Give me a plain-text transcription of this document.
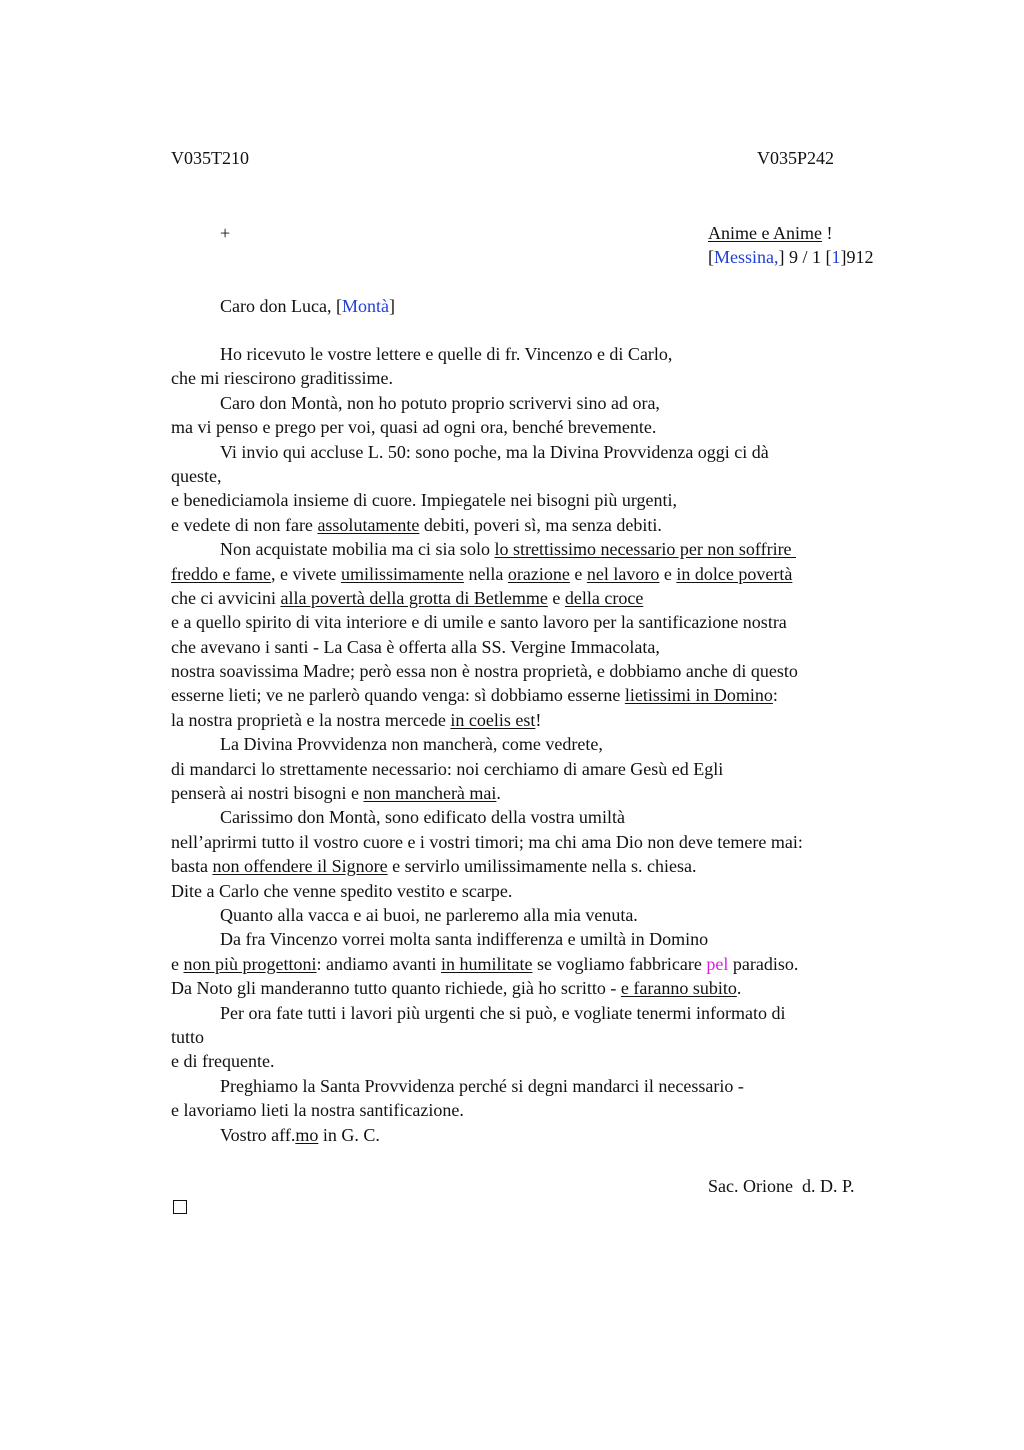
V035T210	V035P242
+	Anime e Anime !
[Messina,] 9 / 1 [1]912
Caro don Luca, [Montà]
Ho ricevuto le vostre lettere e quelle di fr. Vincenzo e di Carlo,
che mi riescirono graditissime.
Caro don Montà, non ho potuto proprio scrivervi sino ad ora,
ma vi penso e prego per voi, quasi ad ogni ora, benché brevemente.
Vi invio qui accluse L. 50: sono poche, ma la Divina Provvidenza oggi ci dà
queste,
e benediciamola insieme di cuore. Impiegatele nei bisogni più urgenti,
e vedete di non fare assolutamente debiti, poveri sì, ma senza debiti.
Non acquistate mobilia ma ci sia solo lo strettissimo necessario per non soffrire
freddo e fame, e vivete umilissimamente nella orazione e nel lavoro e in dolce povertà
che ci avvicini alla povertà della grotta di Betlemme e della croce
e a quello spirito di vita interiore e di umile e santo lavoro per la santificazione nostra
che avevano i santi - La Casa è offerta alla SS. Vergine Immacolata,
nostra soavissima Madre; però essa non è nostra proprietà, e dobbiamo anche di questo
esserne lieti; ve ne parlerò quando venga: sì dobbiamo esserne lietissimi in Domino:
la nostra proprietà e la nostra mercede in coelis est!
La Divina Provvidenza non mancherà, come vedrete,
di mandarci lo strettamente necessario: noi cerchiamo di amare Gesù ed Egli
penserà ai nostri bisogni e non mancherà mai.
Carissimo don Montà, sono edificato della vostra umiltà
nell’aprirmi tutto il vostro cuore e i vostri timori; ma chi ama Dio non deve temere mai:
basta non offendere il Signore e servirlo umilissimamente nella s. chiesa.
Dite a Carlo che venne spedito vestito e scarpe.
Quanto alla vacca e ai buoi, ne parleremo alla mia venuta.
Da fra Vincenzo vorrei molta santa indifferenza e umiltà in Domino
e non più progettoni: andiamo avanti in humilitate se vogliamo fabbricare pel paradiso.
Da Noto gli manderanno tutto quanto richiede, già ho scritto - e faranno subito.
Per ora fate tutti i lavori più urgenti che si può, e vogliate tenermi informato di
tutto
e di frequente.
Preghiamo la Santa Provvidenza perché si degni mandarci il necessario -
e lavoriamo lieti la nostra santificazione.
Vostro aff.mo in G. C.
Sac. Orione  d. D. P.
